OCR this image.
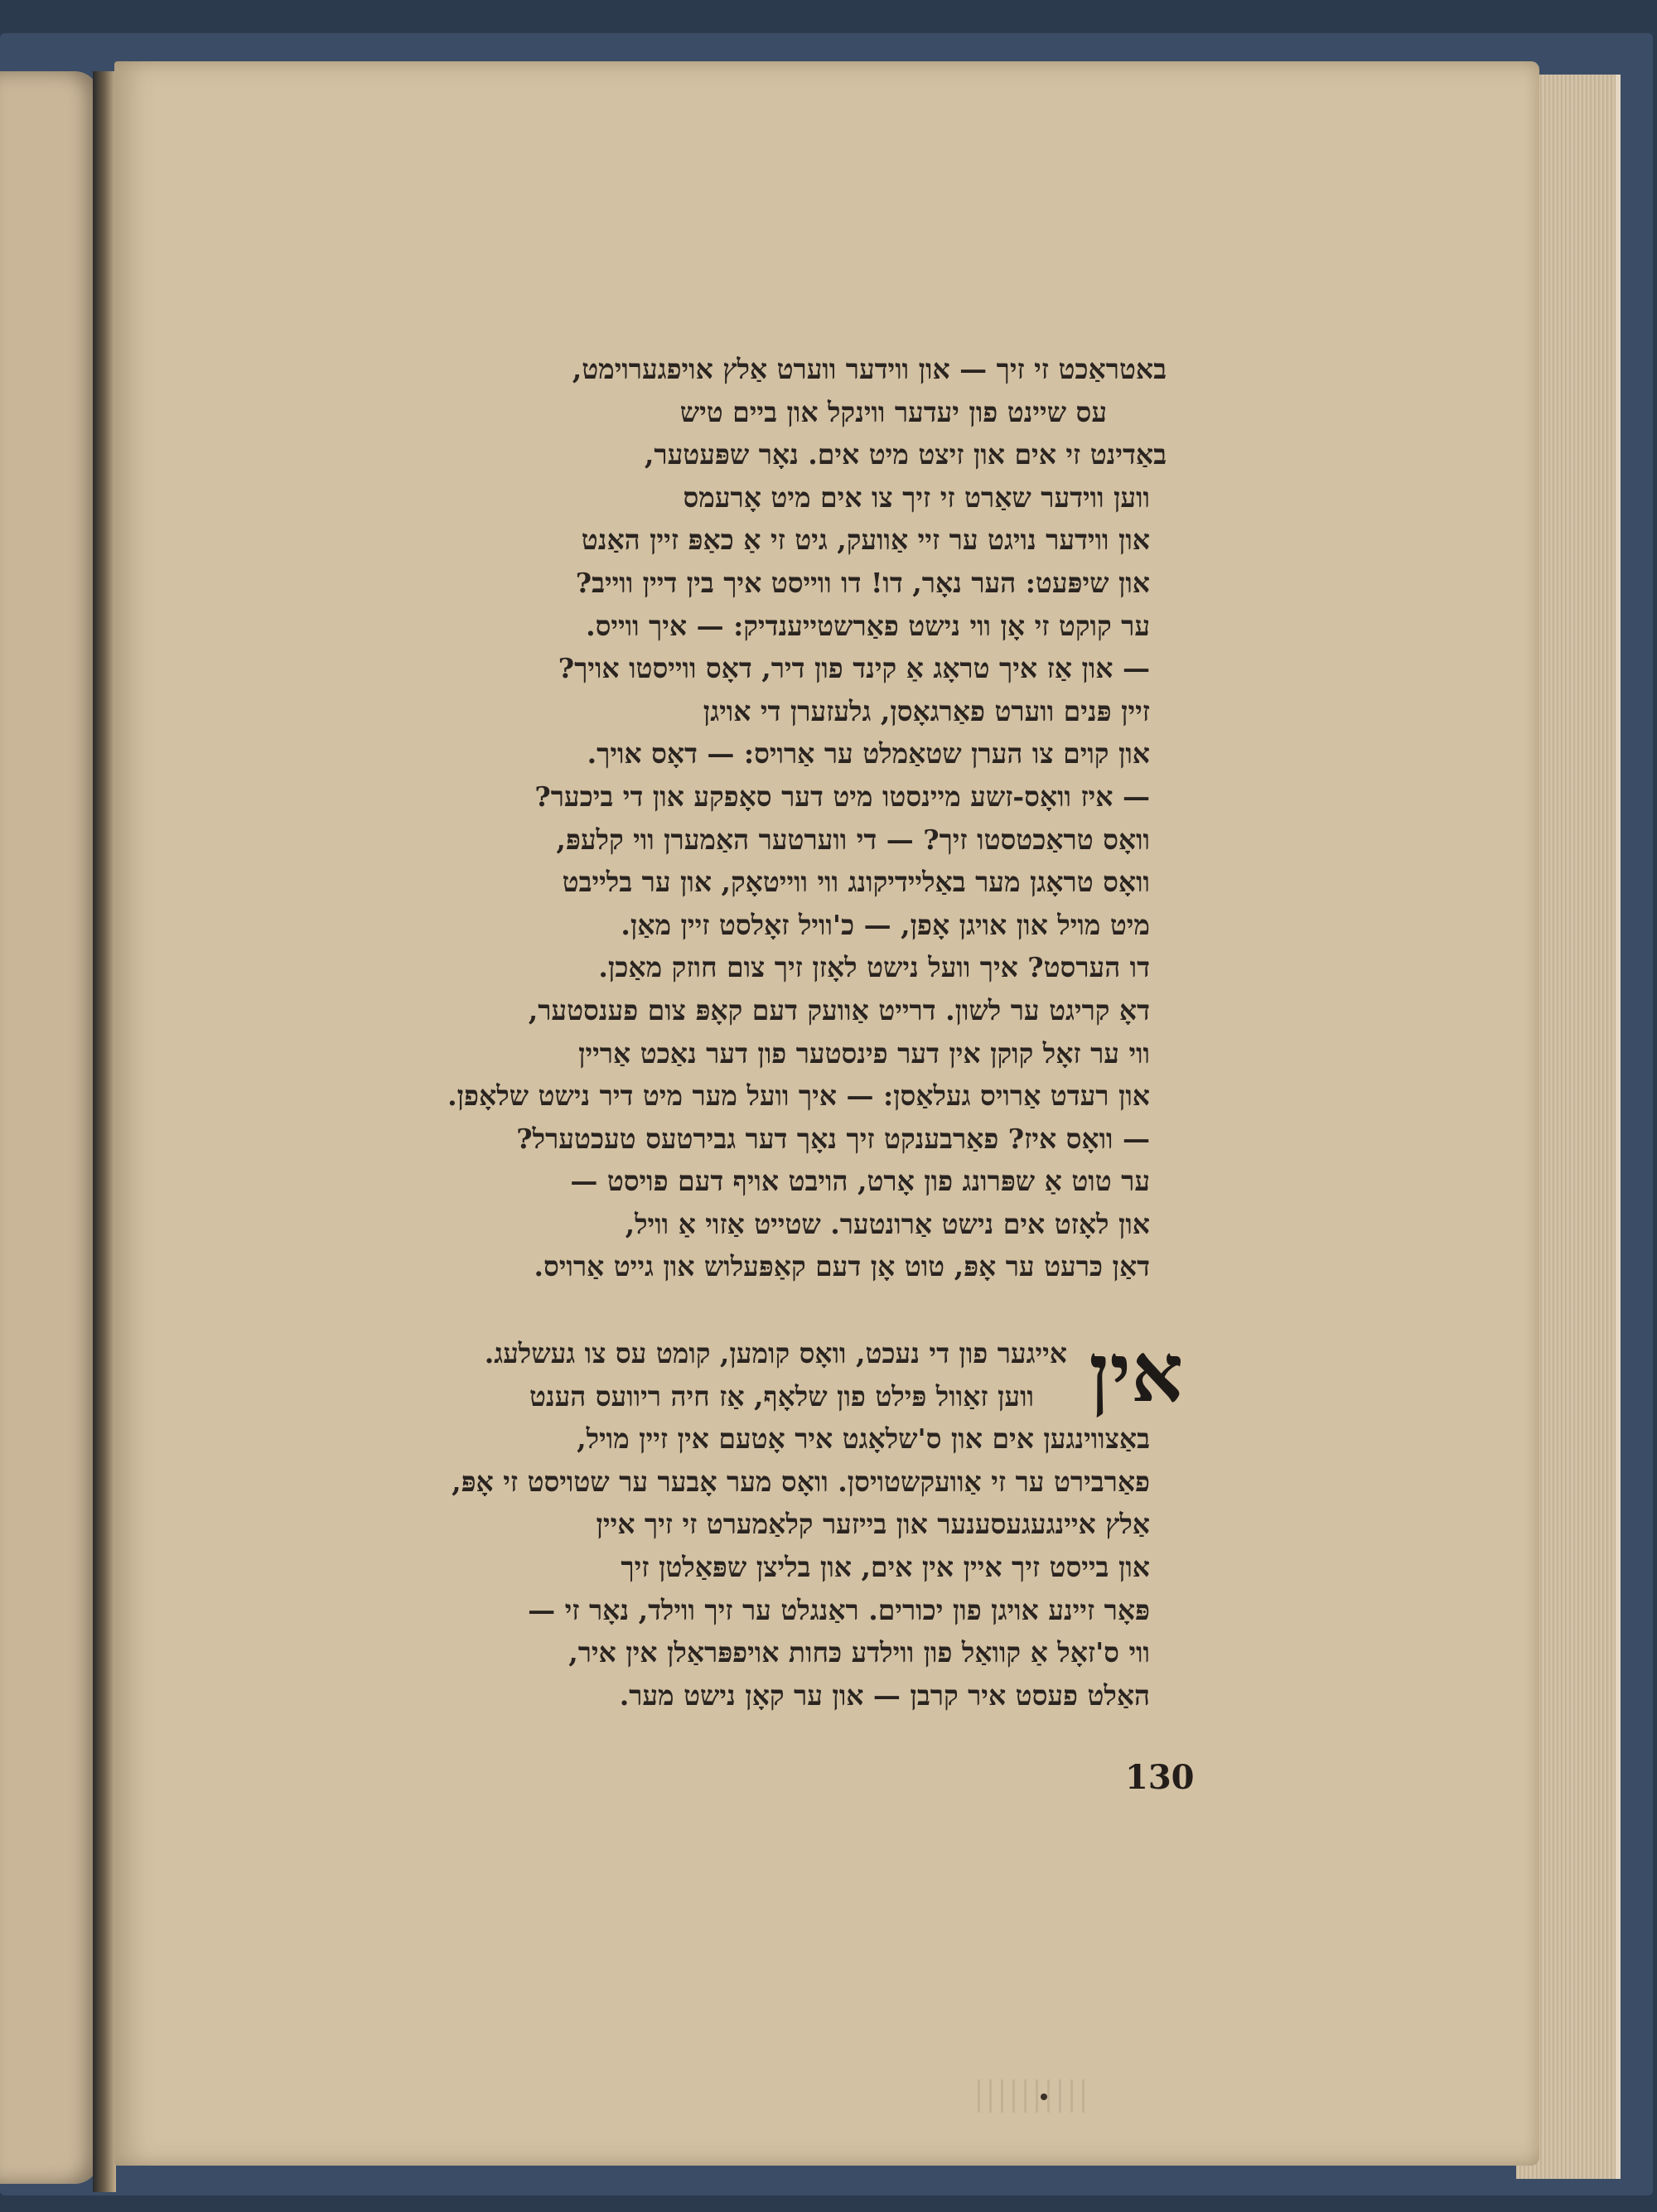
באטראַכט זי זיך — און ווידער ווערט אַלץ אויפגערוימט,
עס שיינט פון יעדער ווינקל און ביים טיש
באַדינט זי אים און זיצט מיט אים. נאָר שפּעטער,
ווען ווידער שאַרט זי זיך צו אים מיט אָרעמס
און ווידער נויגט ער זיי אַוועק, גיט זי אַ כאַפּ זיין האַנט
און שיפּעט: הער נאָר, דו! דו ווייסט איך בין דיין ווייב?
ער קוקט זי אָן ווי נישט פאַרשטייענדיק: — איך ווייס.
— און אַז איך טראָג אַ קינד פון דיר, דאָס ווייסטו אויך?
זיין פּנים ווערט פאַרגאָסן, גלעזערן די אויגן
און קוים צו הערן שטאַמלט ער אַרויס: — דאָס אויך.
— איז וואָס-זשע מיינסטו מיט דער סאָפקע און די ביכער?
וואָס טראַכטסטו זיך? — די ווערטער האַמערן ווי קלעפּ,
וואָס טראָגן מער באַליידיקונג ווי ווייטאָק, און ער בלייבט
מיט מויל און אויגן אָפן, — כ'וויל זאָלסט זיין מאַן.
דו הערסט? איך וועל נישט לאָזן זיך צום חוזק מאַכן.
דאָ קריגט ער לשון. דרייט אַוועק דעם קאָפּ צום פענסטער,
ווי ער זאָל קוקן אין דער פינסטער פון דער נאַכט אַריין
און רעדט אַרויס געלאַסן: — איך וועל מער מיט דיר נישט שלאָפן.
— וואָס איז? פאַרבענקט זיך נאָך דער גבירטעס טעכטערל?
ער טוט אַ שפּרונג פון אָרט, הויבט אויף דעם פויסט —
און לאָזט אים נישט אַרונטער. שטייט אַזוי אַ וויל,
דאַן כּרעט ער אָפּ, טוט אָן דעם קאַפּעלוש און גייט אַרויס.
אין
אייגער פון די נעכט, וואָס קומען, קומט עס צו געשלעג.
ווען זאַוול פּילט פון שלאָף, אַז חיה ריוועס הענט
באַצווינגען אים און ס'שלאָגט איר אָטעם אין זיין מויל,
פאַרבירט ער זי אַוועקשטויסן. וואָס מער אָבער ער שטויסט זי אָפּ,
אַלץ איינגעגעסענער און בייזער קלאַמערט זי זיך איין
און בייסט זיך איין אין אים, און בליצן שפּאַלטן זיך
פּאָר זיינע אויגן פון יכורים. ראַנגלט ער זיך ווילד, נאָר זי —
ווי ס'זאָל אַ קוואַל פון ווילדע כּחות אויפפּראַלן אין איר,
האַלט פעסט איר קרבן — און ער קאָן נישט מער.
130
